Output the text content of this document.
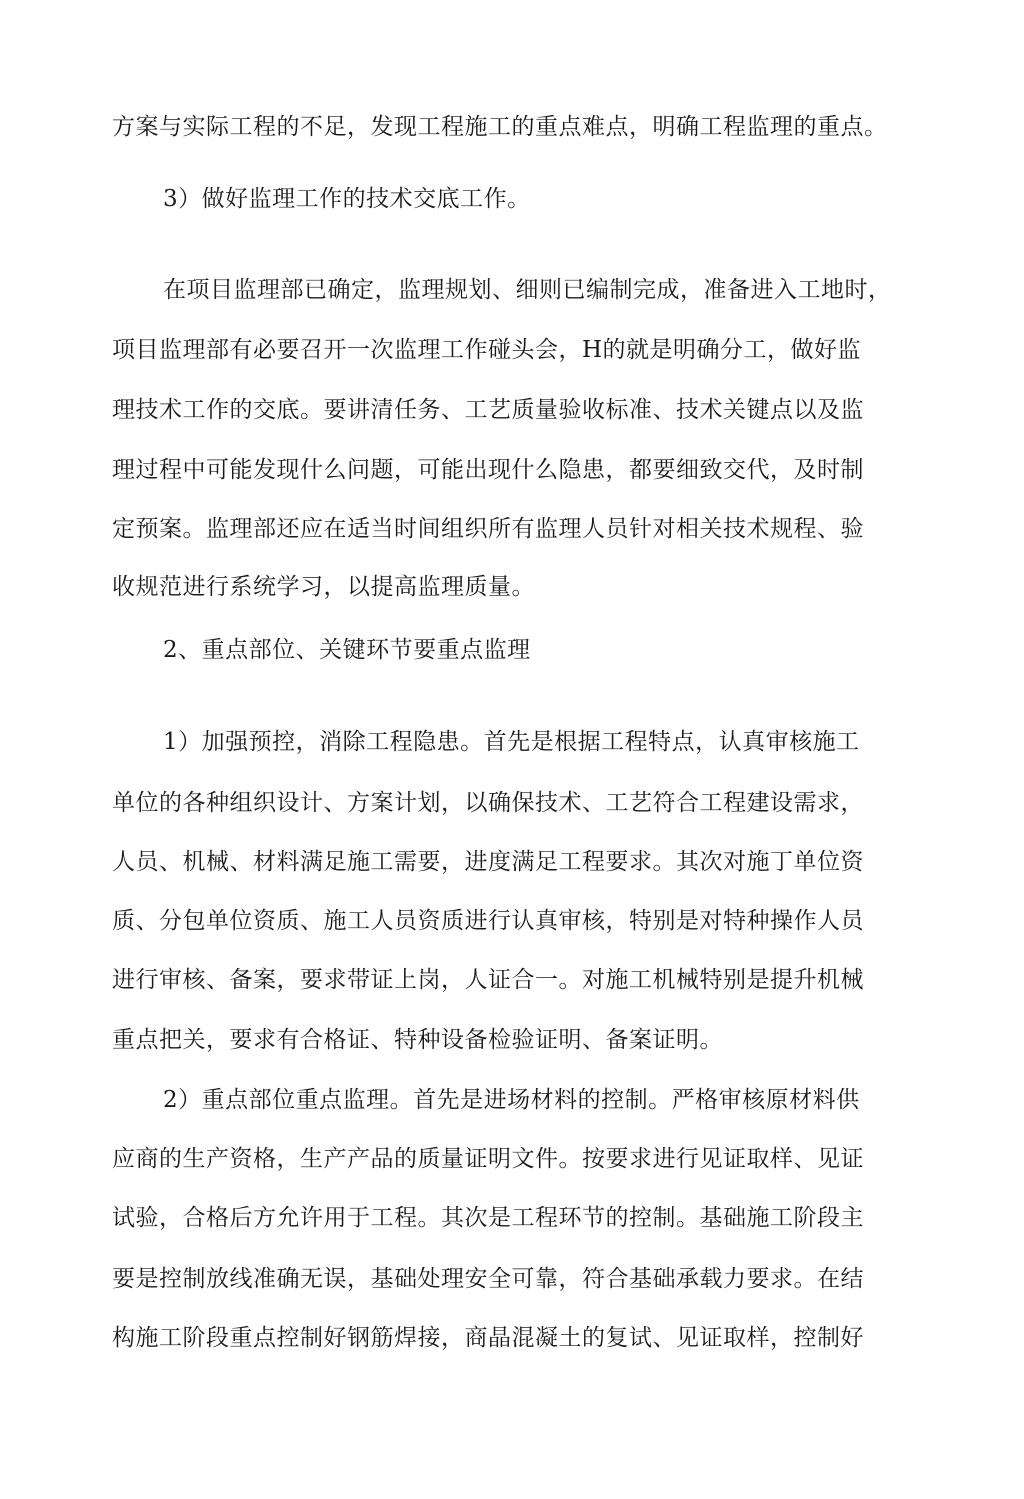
方案与实际工程的不足，发现工程施工的重点难点，明确工程监理的重点。
3）做好监理工作的技术交底工作。
在项目监理部已确定，监理规划、细则已编制完成，准备进入工地时，
项目监理部有必要召开一次监理工作碰头会，H的就是明确分工，做好监
理技术工作的交底。要讲清任务、工艺质量验收标准、技术关键点以及监
理过程中可能发现什么问题，可能出现什么隐患，都要细致交代，及时制
定预案。监理部还应在适当时间组织所有监理人员针对相关技术规程、验
收规范进行系统学习，以提高监理质量。
2、重点部位、关键环节要重点监理
1）加强预控，消除工程隐患。首先是根据工程特点，认真审核施工
单位的各种组织设计、方案计划，以确保技术、工艺符合工程建设需求，
人员、机械、材料满足施工需要，进度满足工程要求。其次对施丁单位资
质、分包单位资质、施工人员资质进行认真审核，特别是对特种操作人员
进行审核、备案，要求带证上岗，人证合一。对施工机械特别是提升机械
重点把关，要求有合格证、特种设备检验证明、备案证明。
2）重点部位重点监理。首先是进场材料的控制。严格审核原材料供
应商的生产资格，生产产品的质量证明文件。按要求进行见证取样、见证
试验，合格后方允许用于工程。其次是工程环节的控制。基础施工阶段主
要是控制放线准确无误，基础处理安全可靠，符合基础承载力要求。在结
构施工阶段重点控制好钢筋焊接，商晶混凝土的复试、见证取样，控制好
